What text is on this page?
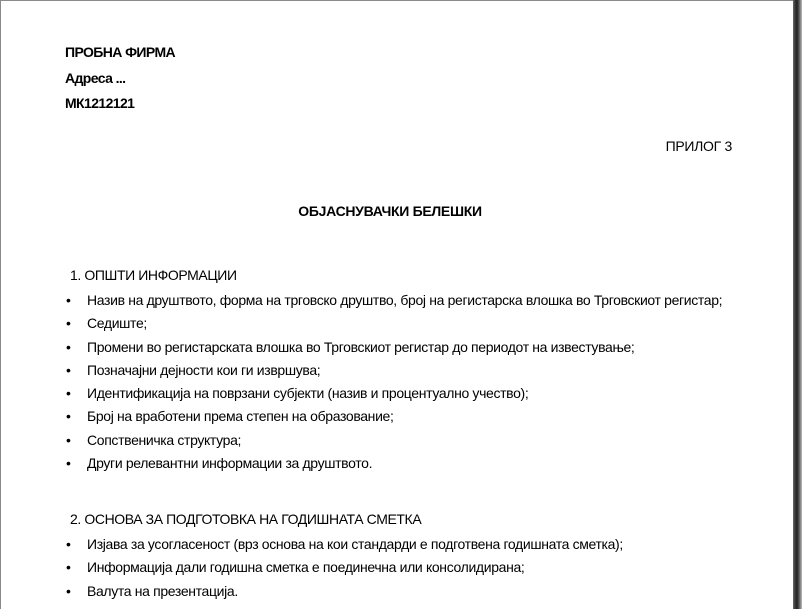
ПРОБНА ФИРМА
Адреса ...
МК1212121
ПРИЛОГ 3
ОБЈАСНУВАЧКИ БЕЛЕШКИ
1. ОПШТИ ИНФОРМАЦИИ
• Назив на друштвото, форма на трговско друштво, број на регистарска влошка во Трговскиот регистар;
• Седиште;
• Промени во регистарската влошка во Трговскиот регистар до периодот на известување;
• Позначајни дејности кои ги извршува;
• Идентификација на поврзани субјекти (назив и процентуално учество);
• Број на вработени према степен на образование;
• Сопственичка структура;
• Други релевантни информации за друштвото.
2. ОСНОВА ЗА ПОДГОТОВКА НА ГОДИШНАТА СМЕТКА
• Изјава за усогласеност (врз основа на кои стандарди е подготвена годишната сметка);
• Информација дали годишна сметка е поединечна или консолидирана;
• Валута на презентација.
